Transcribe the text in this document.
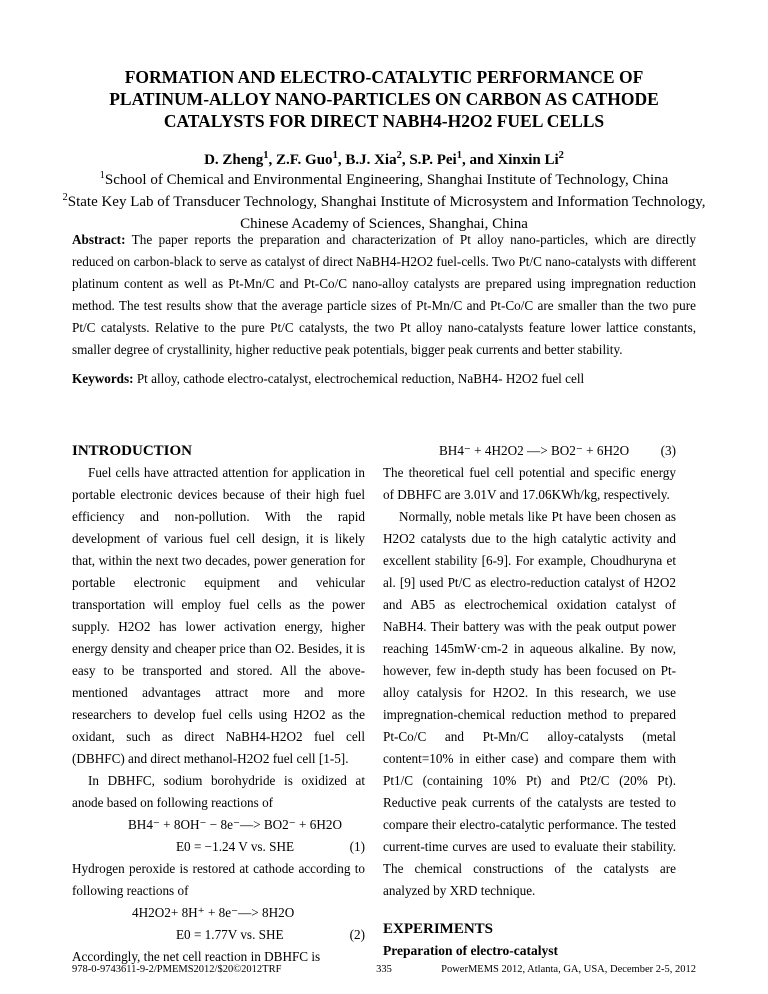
FORMATION AND ELECTRO-CATALYTIC PERFORMANCE OF
PLATINUM-ALLOY NANO-PARTICLES ON CARBON AS CATHODE
CATALYSTS FOR DIRECT NABH4-H2O2 FUEL CELLS
D. Zheng$^1$, Z.F. Guo$^1$, B.J. Xia$^2$, S.P. Pei$^1$, and Xinxin Li$^2$
$^1$School of Chemical and Environmental Engineering, Shanghai Institute of Technology, China
$^2$State Key Lab of Transducer Technology, Shanghai Institute of Microsystem and Information Technology, Chinese Academy of Sciences, Shanghai, China
Abstract: The paper reports the preparation and characterization of Pt alloy nano-particles, which are directly reduced on carbon-black to serve as catalyst of direct NaBH4-H2O2 fuel-cells. Two Pt/C nano-catalysts with different platinum content as well as Pt-Mn/C and Pt-Co/C nano-alloy catalysts are prepared using impregnation reduction method. The test results show that the average particle sizes of Pt-Mn/C and Pt-Co/C are smaller than the two pure Pt/C catalysts. Relative to the pure Pt/C catalysts, the two Pt alloy nano-catalysts feature lower lattice constants, smaller degree of crystallinity, higher reductive peak potentials, bigger peak currents and better stability.
Keywords: Pt alloy, cathode electro-catalyst, electrochemical reduction, NaBH4- H2O2 fuel cell
INTRODUCTION

Fuel cells have attracted attention for application in portable electronic devices because of their high fuel efficiency and non-pollution. With the rapid development of various fuel cell design, it is likely that, within the next two decades, power generation for portable electronic equipment and vehicular transportation will employ fuel cells as the power supply. H2O2 has lower activation energy, higher energy density and cheaper price than O2. Besides, it is easy to be transported and stored. All the above-mentioned advantages attract more and more researchers to develop fuel cells using H2O2 as the oxidant, such as direct NaBH4-H2O2 fuel cell (DBHFC) and direct methanol-H2O2 fuel cell [1-5].

In DBHFC, sodium borohydride is oxidized at anode based on following reactions of

BH4⁻ + 8OH⁻ − 8e⁻—> BO2⁻ + 6H2O
E0 = −1.24 V vs. SHE	(1)

Hydrogen peroxide is restored at cathode according to following reactions of

4H2O2+ 8H⁺ + 8e⁻—> 8H2O
E0 = 1.77V vs. SHE	(2)

Accordingly, the net cell reaction in DBHFC is

BH4⁻ + 4H2O2 —> BO2⁻ + 6H2O (3)

The theoretical fuel cell potential and specific energy of DBHFC are 3.01V and 17.06KWh/kg, respectively.

Normally, noble metals like Pt have been chosen as H2O2 catalysts due to the high catalytic activity and excellent stability [6-9]. For example, Choudhuryna et al. [9] used Pt/C as electro-reduction catalyst of H2O2 and AB5 as electrochemical oxidation catalyst of NaBH4. Their battery was with the peak output power reaching 145mW·cm-2 in aqueous alkaline. By now, however, few in-depth study has been focused on Pt-alloy catalysis for H2O2. In this research, we use impregnation-chemical reduction method to prepared Pt-Co/C and Pt-Mn/C alloy-catalysts (metal content=10% in either case) and compare them with Pt1/C (containing 10% Pt) and Pt2/C (20% Pt). Reductive peak currents of the catalysts are tested to compare their electro-catalytic performance. The tested current-time curves are used to evaluate their stability. The chemical constructions of the catalysts are analyzed by XRD technique.

EXPERIMENTS
Preparation of electro-catalyst
978-0-9743611-9-2/PMEMS2012/$20©2012TRF	335	PowerMEMS 2012, Atlanta, GA, USA, December 2-5, 2012
